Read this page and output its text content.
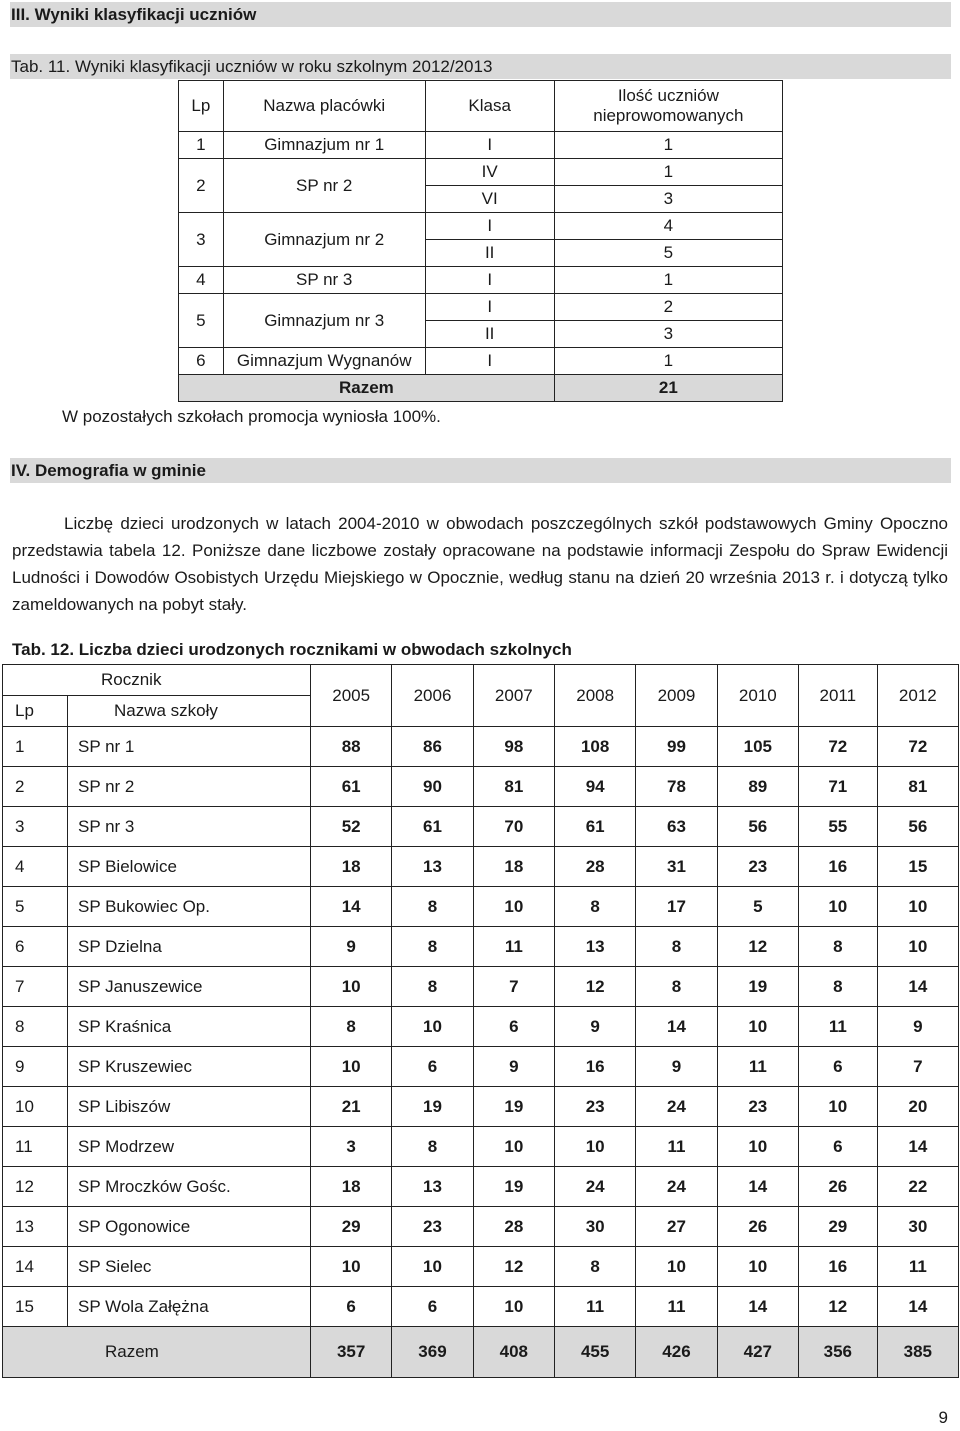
III. Wyniki klasyfikacji uczniów
Tab. 11. Wyniki klasyfikacji uczniów w roku szkolnym 2012/2013
Lp	Nazwa placówki	Klasa	Ilość uczniów nieprowomowanych
1	Gimnazjum nr 1	I	1
2	SP nr 2	IV	1
		VI	3
3	Gimnazjum nr 2	I	4
		II	5
4	SP nr 3	I	1
5	Gimnazjum nr 3	I	2
		II	3
6	Gimnazjum Wygnanów	I	1
Razem			21
W pozostałych szkołach promocja wyniosła 100%.
IV. Demografia w gminie

Liczbę dzieci urodzonych w latach 2004-2010 w obwodach poszczególnych szkół podstawowych Gminy Opoczno przedstawia tabela 12. Poniższe dane liczbowe zostały opracowane na podstawie informacji Zespołu do Spraw Ewidencji Ludności i Dowodów Osobistych Urzędu Miejskiego w Opocznie, według stanu na dzień 20 września 2013 r. i dotyczą tylko zameldowanych na pobyt stały.

Tab. 12. Liczba dzieci urodzonych rocznikami w obwodach szkolnych
Rocznik		2005	2006	2007	2008	2009	2010	2011	2012
Lp	Nazwa szkoły								
1	SP nr 1	88	86	98	108	99	105	72	72
2	SP nr 2	61	90	81	94	78	89	71	81
3	SP nr 3	52	61	70	61	63	56	55	56
4	SP Bielowice	18	13	18	28	31	23	16	15
5	SP Bukowiec Op.	14	8	10	8	17	5	10	10
6	SP Dzielna	9	8	11	13	8	12	8	10
7	SP Januszewice	10	8	7	12	8	19	8	14
8	SP Kraśnica	8	10	6	9	14	10	11	9
9	SP Kruszewiec	10	6	9	16	9	11	6	7
10	SP Libiszów	21	19	19	23	24	23	10	20
11	SP Modrzew	3	8	10	10	11	10	6	14
12	SP Mroczków Gośc.	18	13	19	24	24	14	26	22
13	SP Ogonowice	29	23	28	30	27	26	29	30
14	SP Sielec	10	10	12	8	10	10	16	11
15	SP Wola Załężna	6	6	10	11	11	14	12	14
Razem		357	369	408	455	426	427	356	385
9
